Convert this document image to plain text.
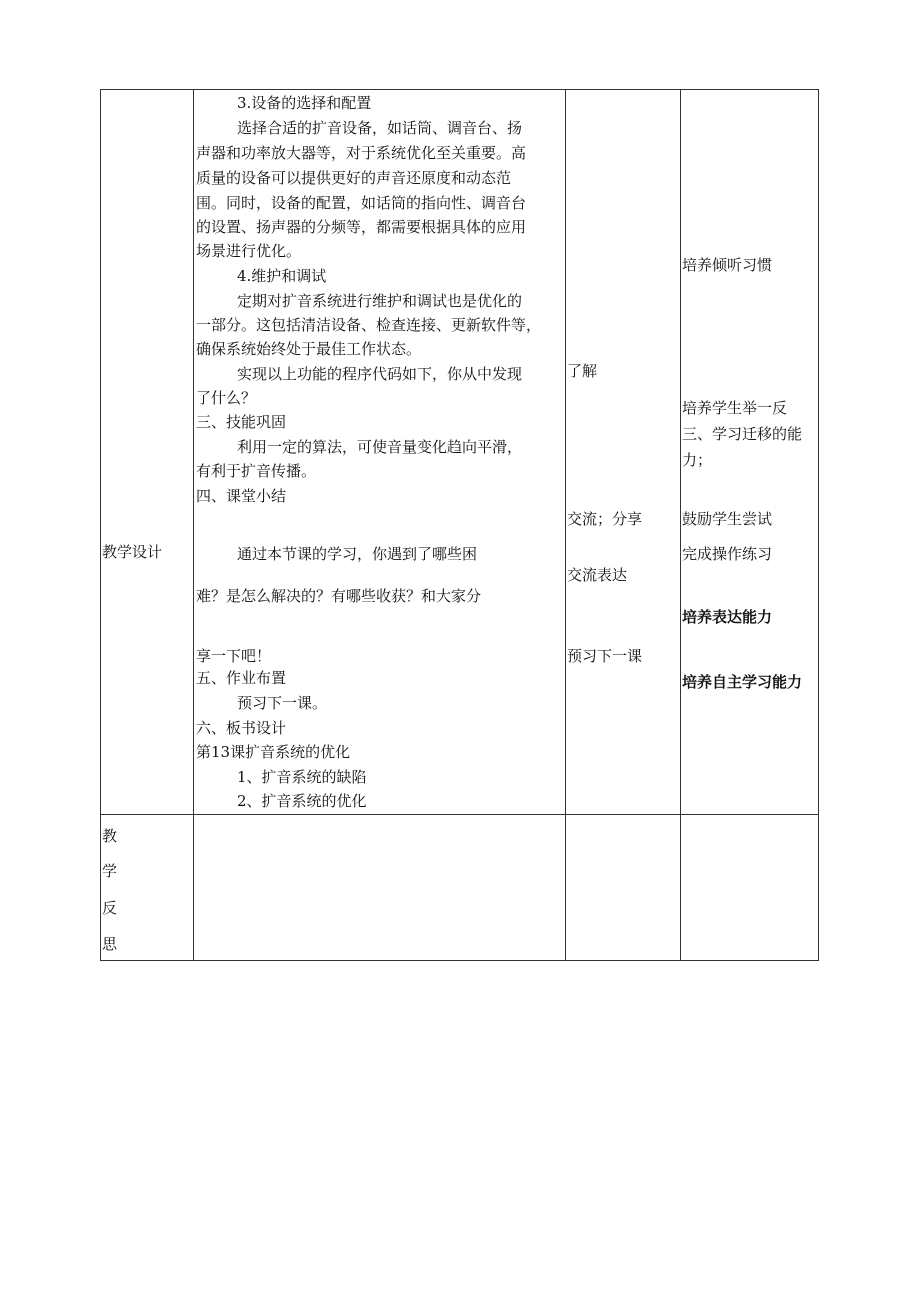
教学设计
3.设备的选择和配置
选择合适的扩音设备，如话筒、调音台、扬
声器和功率放大器等，对于系统优化至关重要。高
质量的设备可以提供更好的声音还原度和动态范
围。同时，设备的配置，如话筒的指向性、调音台
的设置、扬声器的分频等，都需要根据具体的应用
场景进行优化。
4.维护和调试
定期对扩音系统进行维护和调试也是优化的
一部分。这包括清洁设备、检查连接、更新软件等，
确保系统始终处于最佳工作状态。
实现以上功能的程序代码如下，你从中发现
了什么？
三、技能巩固
利用一定的算法，可使音量变化趋向平滑，
有利于扩音传播。
四、课堂小结
通过本节课的学习，你遇到了哪些困
难？是怎么解决的？有哪些收获？和大家分
享一下吧！
五、作业布置
预习下一课。
六、板书设计
第13课扩音系统的优化
1、扩音系统的缺陷
2、扩音系统的优化
了解
交流；分享
交流表达
预习下一课
培养倾听习惯
培养学生举一反
三、学习迁移的能
力；
鼓励学生尝试
完成操作练习
培养表达能力
培养自主学习能力
教
学
反
思
